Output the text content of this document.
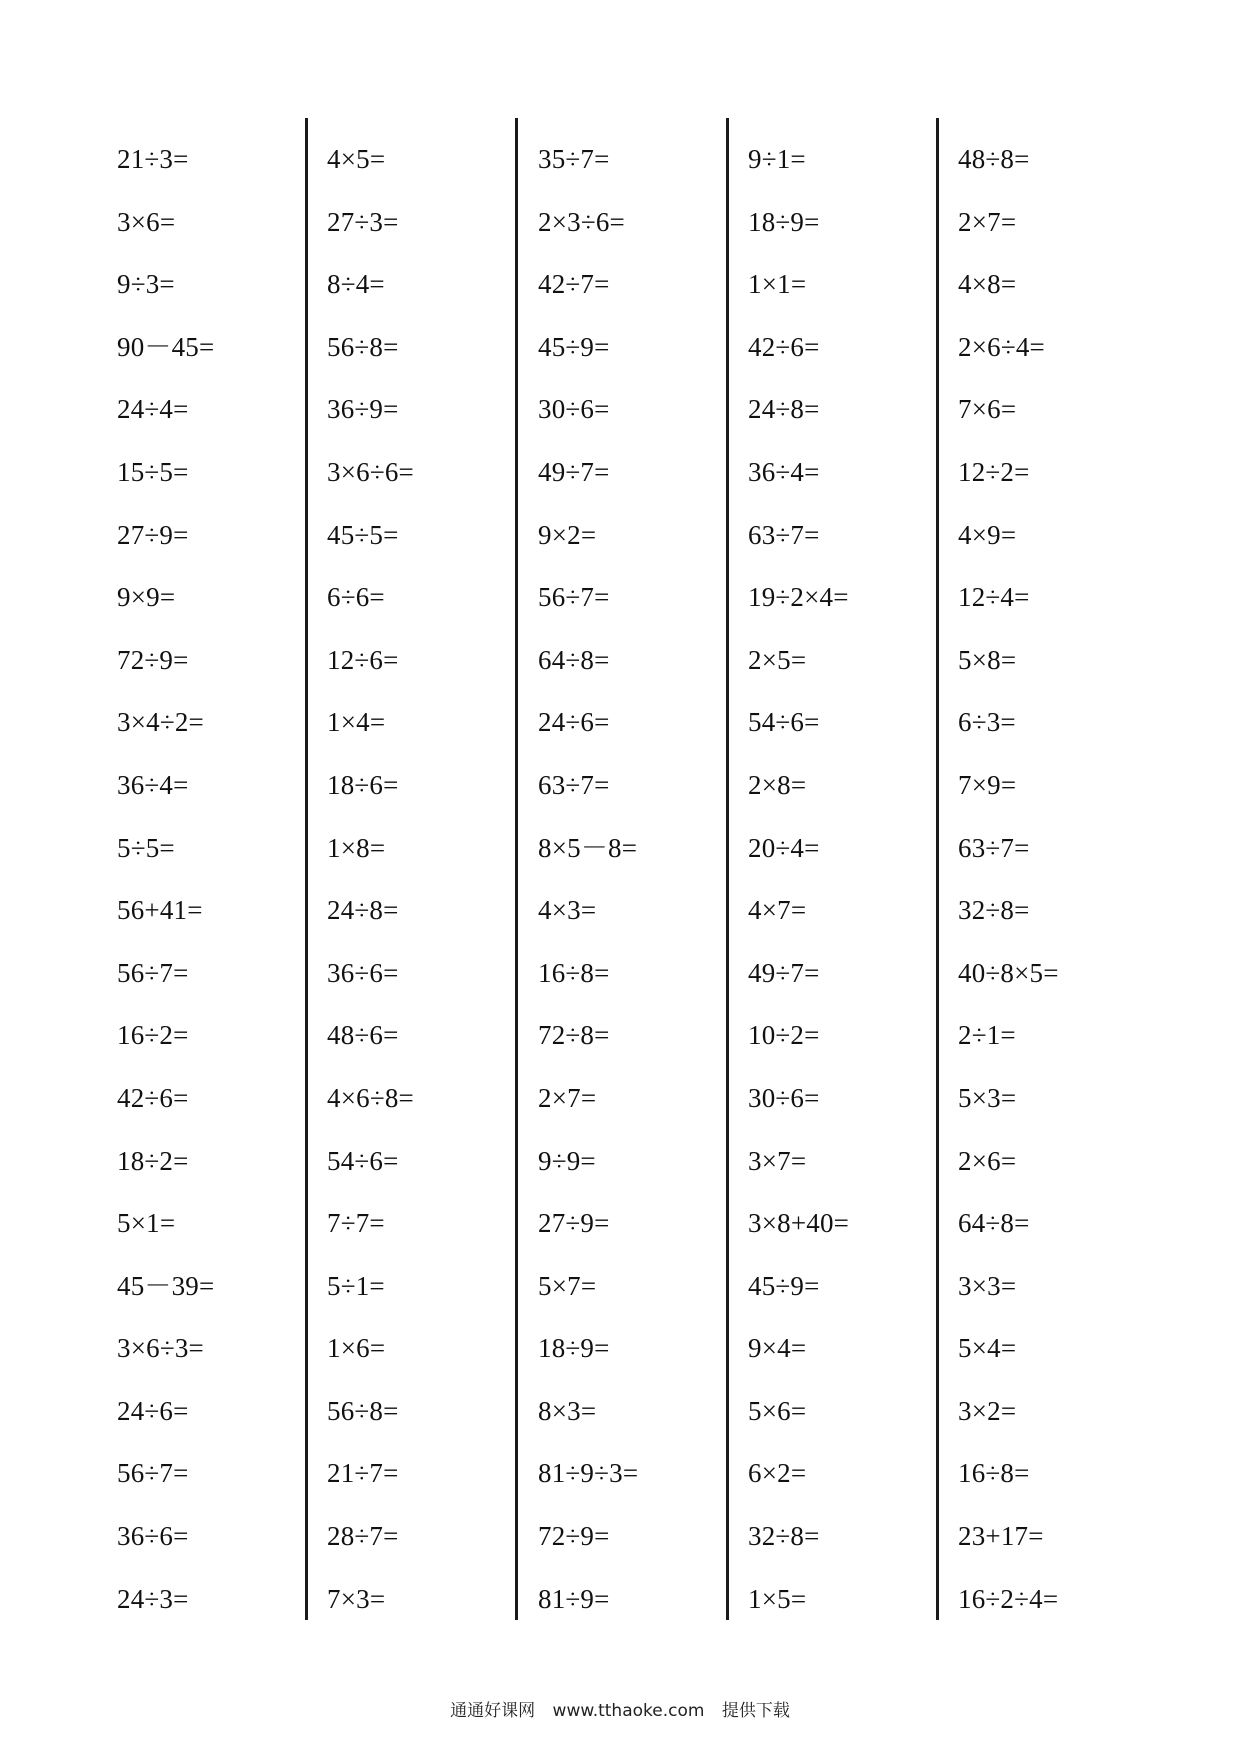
21÷3=
3×6=
9÷3=
90－45=
24÷4=
15÷5=
27÷9=
9×9=
72÷9=
3×4÷2=
36÷4=
5÷5=
56+41=
56÷7=
16÷2=
42÷6=
18÷2=
5×1=
45－39=
3×6÷3=
24÷6=
56÷7=
36÷6=
24÷3=
4×5=
27÷3=
8÷4=
56÷8=
36÷9=
3×6÷6=
45÷5=
6÷6=
12÷6=
1×4=
18÷6=
1×8=
24÷8=
36÷6=
48÷6=
4×6÷8=
54÷6=
7÷7=
5÷1=
1×6=
56÷8=
21÷7=
28÷7=
7×3=
35÷7=
2×3÷6=
42÷7=
45÷9=
30÷6=
49÷7=
9×2=
56÷7=
64÷8=
24÷6=
63÷7=
8×5－8=
4×3=
16÷8=
72÷8=
2×7=
9÷9=
27÷9=
5×7=
18÷9=
8×3=
81÷9÷3=
72÷9=
81÷9=
9÷1=
18÷9=
1×1=
42÷6=
24÷8=
36÷4=
63÷7=
19÷2×4=
2×5=
54÷6=
2×8=
20÷4=
4×7=
49÷7=
10÷2=
30÷6=
3×7=
3×8+40=
45÷9=
9×4=
5×6=
6×2=
32÷8=
1×5=
48÷8=
2×7=
4×8=
2×6÷4=
7×6=
12÷2=
4×9=
12÷4=
5×8=
6÷3=
7×9=
63÷7=
32÷8=
40÷8×5=
2÷1=
5×3=
2×6=
64÷8=
3×3=
5×4=
3×2=
16÷8=
23+17=
16÷2÷4=
通通好课网 www.tthaoke.com 提供下载
